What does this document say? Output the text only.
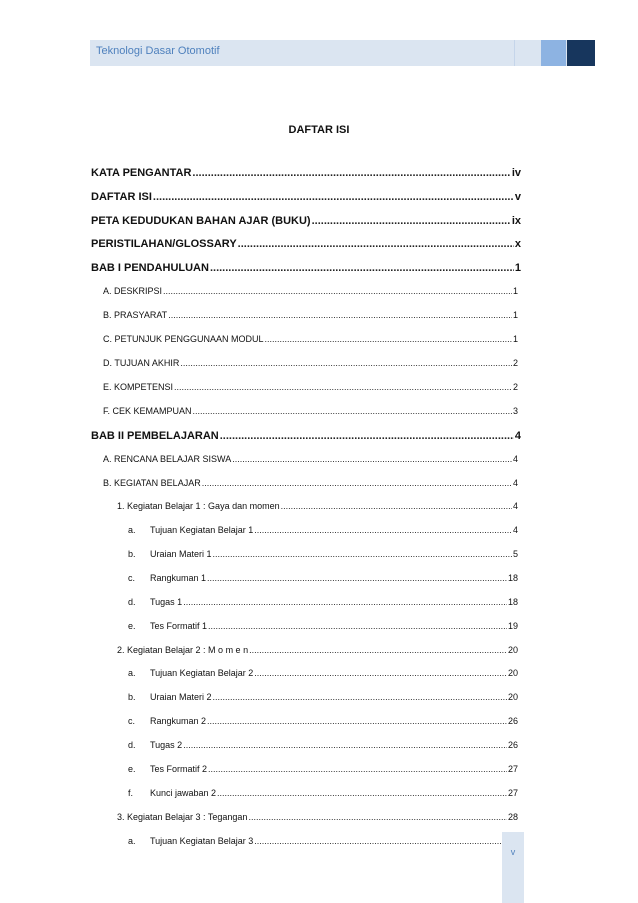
Teknologi Dasar Otomotif
DAFTAR ISI
KATA PENGANTAR .....	iv
DAFTAR ISI .....	v
PETA KEDUDUKAN BAHAN AJAR (BUKU) .....	ix
PERISTILAHAN/GLOSSARY .....	x
BAB I PENDAHULUAN .....	1
A. DESKRIPSI .....	1
B. PRASYARAT .....	1
C. PETUNJUK PENGGUNAAN MODUL .....	1
D. TUJUAN AKHIR .....	2
E. KOMPETENSI .....	2
F. CEK KEMAMPUAN .....	3
BAB II PEMBELAJARAN .....	4
A. RENCANA BELAJAR SISWA .....	4
B. KEGIATAN BELAJAR .....	4
1. Kegiatan Belajar 1 : Gaya dan momen .....	4
a. Tujuan Kegiatan Belajar 1 .....	4
b. Uraian Materi 1 .....	5
c. Rangkuman 1 .....	18
d. Tugas 1 .....	18
e. Tes Formatif 1 .....	19
2. Kegiatan Belajar 2 : M o m e n .....	20
a. Tujuan Kegiatan Belajar 2 .....	20
b. Uraian Materi 2 .....	20
c. Rangkuman 2 .....	26
d. Tugas 2 .....	26
e. Tes Formatif 2 .....	27
f. Kunci jawaban 2 .....	27
3. Kegiatan Belajar 3 : Tegangan .....	28
a. Tujuan Kegiatan Belajar 3
.....
v
